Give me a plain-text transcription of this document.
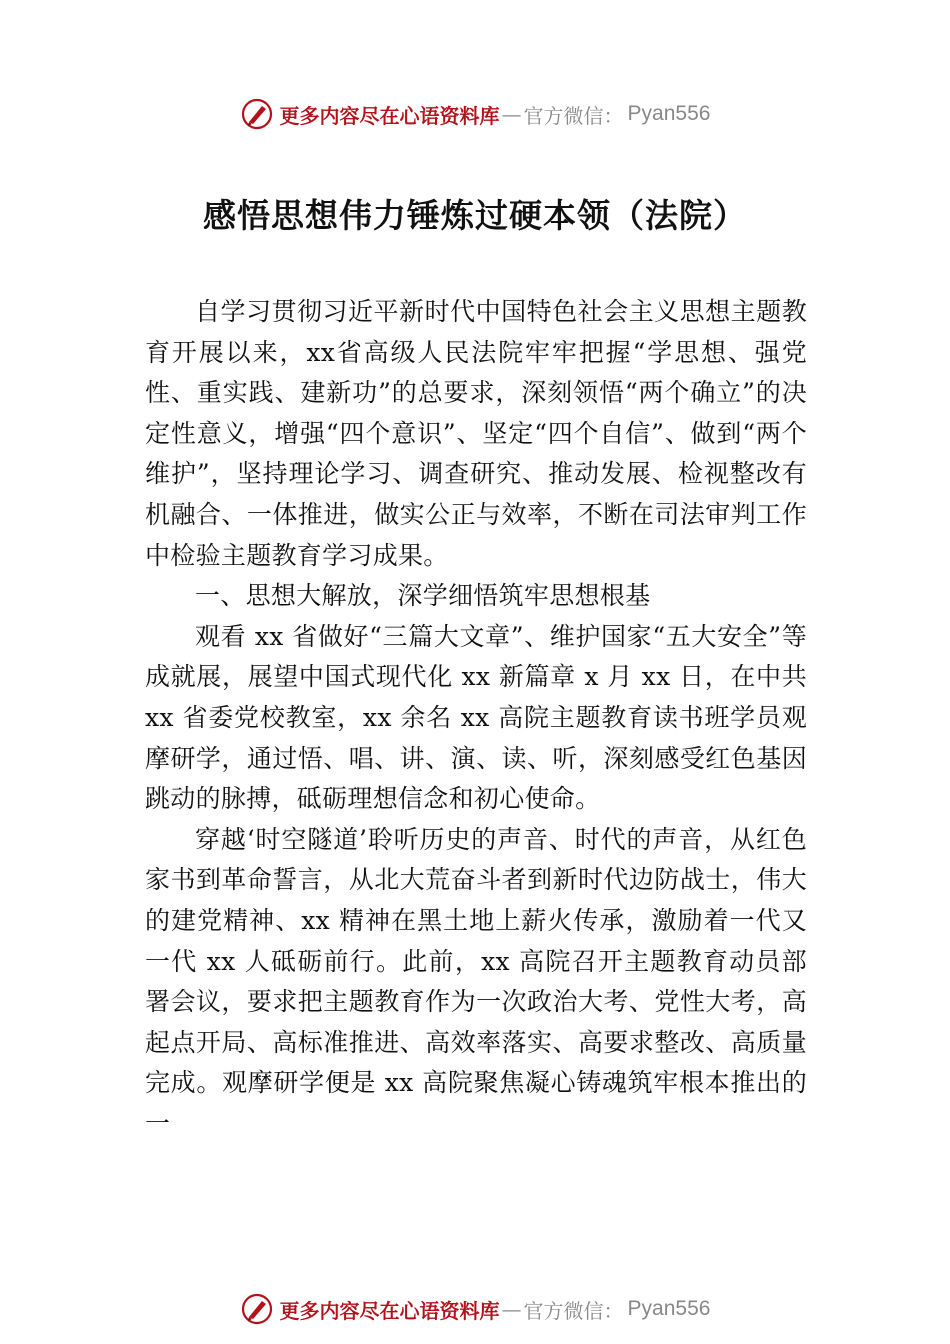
更多内容尽在心语资料库 — 官方微信： Pyan556
感悟思想伟力锤炼过硬本领（法院）

自学习贯彻习近平新时代中国特色社会主义思想主题教育开展以来，xx省高级人民法院牢牢把握“学思想、强党性、重实践、建新功”的总要求，深刻领悟“两个确立”的决定性意义，增强“四个意识”、坚定“四个自信”、做到“两个维护”，坚持理论学习、调查研究、推动发展、检视整改有机融合、一体推进，做实公正与效率，不断在司法审判工作中检验主题教育学习成果。

一、思想大解放，深学细悟筑牢思想根基

观看 xx 省做好“三篇大文章”、维护国家“五大安全”等成就展，展望中国式现代化 xx 新篇章 x 月 xx 日，在中共 xx 省委党校教室，xx 余名 xx 高院主题教育读书班学员观摩研学，通过悟、唱、讲、演、读、听，深刻感受红色基因跳动的脉搏，砥砺理想信念和初心使命。

穿越‘时空隧道’聆听历史的声音、时代的声音，从红色家书到革命誓言，从北大荒奋斗者到新时代边防战士，伟大的建党精神、xx 精神在黑土地上薪火传承，激励着一代又一代 xx 人砥砺前行。此前，xx 高院召开主题教育动员部署会议，要求把主题教育作为一次政治大考、党性大考，高起点开局、高标准推进、高效率落实、高要求整改、高质量完成。观摩研学便是 xx 高院聚焦凝心铸魂筑牢根本推出的一

更多内容尽在心语资料库 — 官方微信： Pyan556
